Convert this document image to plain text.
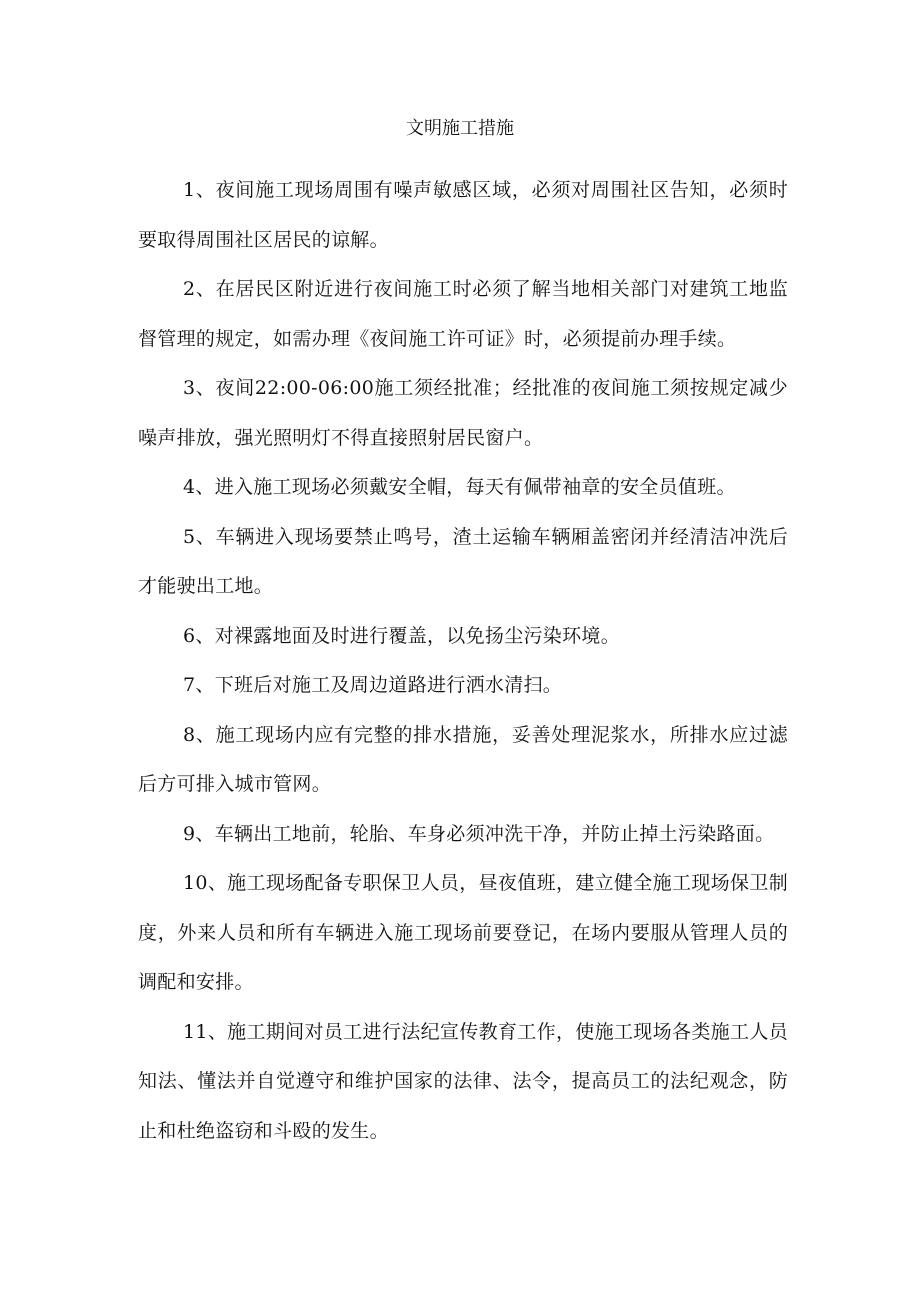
文明施工措施

1、夜间施工现场周围有噪声敏感区域，必须对周围社区告知，必须时要取得周围社区居民的谅解。

2、在居民区附近进行夜间施工时必须了解当地相关部门对建筑工地监督管理的规定，如需办理《夜间施工许可证》时，必须提前办理手续。

3、夜间22:00-06:00施工须经批准；经批准的夜间施工须按规定减少噪声排放，强光照明灯不得直接照射居民窗户。

4、进入施工现场必须戴安全帽，每天有佩带袖章的安全员值班。

5、车辆进入现场要禁止鸣号，渣土运输车辆厢盖密闭并经清洁冲洗后才能驶出工地。

6、对裸露地面及时进行覆盖，以免扬尘污染环境。

7、下班后对施工及周边道路进行洒水清扫。

8、施工现场内应有完整的排水措施，妥善处理泥浆水，所排水应过滤后方可排入城市管网。

9、车辆出工地前，轮胎、车身必须冲洗干净，并防止掉土污染路面。

10、施工现场配备专职保卫人员，昼夜值班，建立健全施工现场保卫制度，外来人员和所有车辆进入施工现场前要登记，在场内要服从管理人员的调配和安排。

11、施工期间对员工进行法纪宣传教育工作，使施工现场各类施工人员知法、懂法并自觉遵守和维护国家的法律、法令，提高员工的法纪观念，防止和杜绝盗窃和斗殴的发生。
